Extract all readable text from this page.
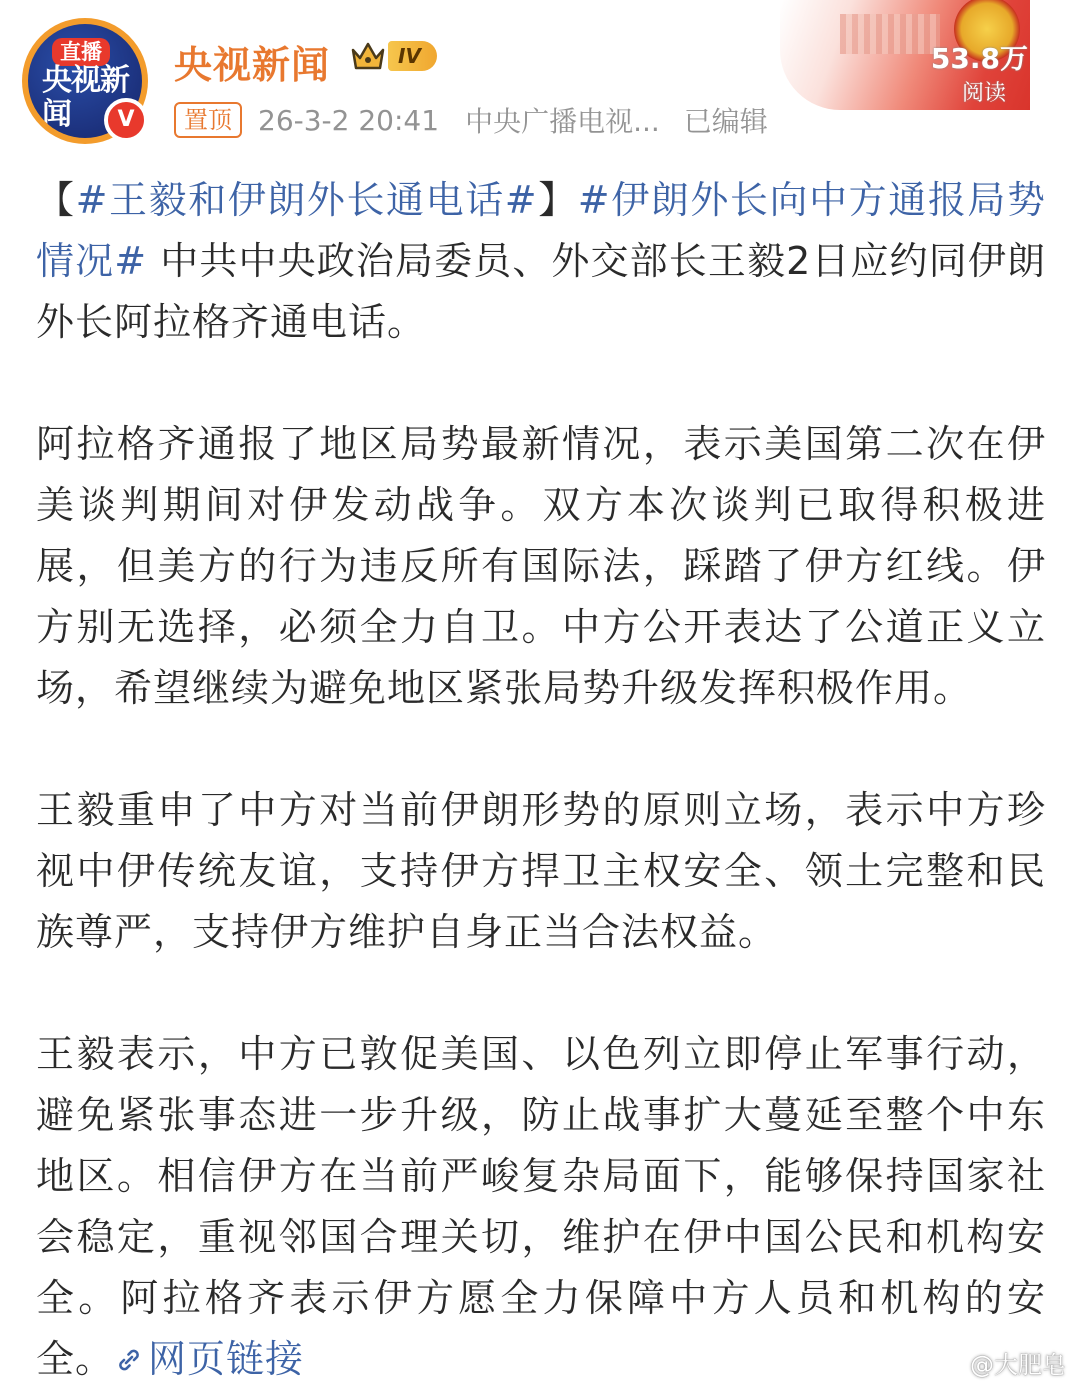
直播
央视新闻	V
央视新闻	IV
置顶 26-3-2 20:41 中央广播电视... 已编辑
53.8万
阅读

【#王毅和伊朗外长通电话#】#伊朗外长向中方通报局势情况# 中共中央政治局委员、外交部长王毅2日应约同伊朗外长阿拉格齐通电话。

阿拉格齐通报了地区局势最新情况，表示美国第二次在伊美谈判期间对伊发动战争。双方本次谈判已取得积极进展，但美方的行为违反所有国际法，踩踏了伊方红线。伊方别无选择，必须全力自卫。中方公开表达了公道正义立场，希望继续为避免地区紧张局势升级发挥积极作用。

王毅重申了中方对当前伊朗形势的原则立场，表示中方珍视中伊传统友谊，支持伊方捍卫主权安全、领土完整和民族尊严，支持伊方维护自身正当合法权益。

王毅表示，中方已敦促美国、以色列立即停止军事行动，避免紧张事态进一步升级，防止战事扩大蔓延至整个中东地区。相信伊方在当前严峻复杂局面下，能够保持国家社会稳定，重视邻国合理关切，维护在伊中国公民和机构安全。阿拉格齐表示伊方愿全力保障中方人员和机构的安全。 网页链接	@大肥皂
